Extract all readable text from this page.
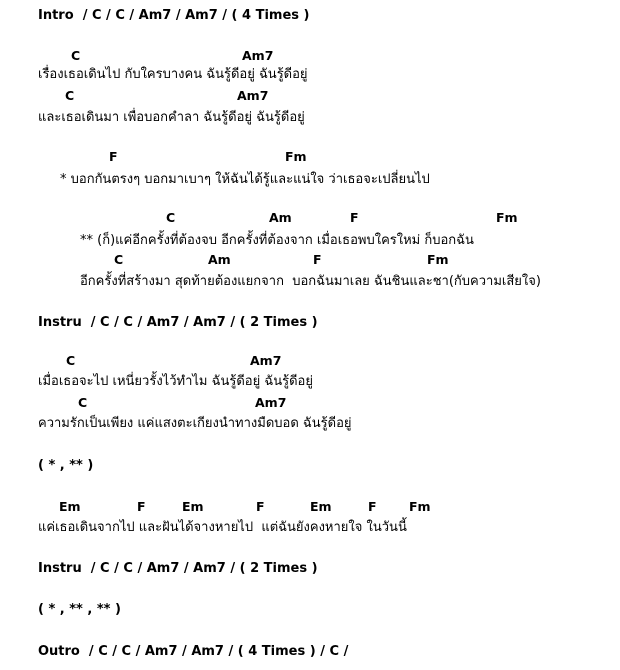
Intro  / C / C / Am7 / Am7 / ( 4 Times )
C	Am7
เรื่องเธอเดินไป กับใครบางคน ฉันรู้ดีอยู่ ฉันรู้ดีอยู่
C	Am7
และเธอเดินมา เพื่อบอกคำลา ฉันรู้ดีอยู่ ฉันรู้ดีอยู่
F	Fm
* บอกกันตรงๆ บอกมาเบาๆ ให้ฉันได้รู้และแน่ใจ ว่าเธอจะเปลี่ยนไป
C	Am	F	Fm
** (ก็)แค่อีกครั้งที่ต้องจบ อีกครั้งที่ต้องจาก เมื่อเธอพบใครใหม่ ก็บอกฉัน
C	Am	F	Fm
อีกครั้งที่สร้างมา สุดท้ายต้องแยกจาก  บอกฉันมาเลย ฉันชินและชา(กับความเสียใจ)
Instru  / C / C / Am7 / Am7 / ( 2 Times )
C	Am7
เมื่อเธอจะไป เหนี่ยวรั้งไว้ทำไม ฉันรู้ดีอยู่ ฉันรู้ดีอยู่
C	Am7
ความรักเป็นเพียง แค่แสงตะเกียงนำทางมืดบอด ฉันรู้ดีอยู่
( * , ** )
Em	F	Em	F	Em	F	Fm
แค่เธอเดินจากไป และฝันได้จางหายไป  แต่ฉันยังคงหายใจ ในวันนี้
Instru  / C / C / Am7 / Am7 / ( 2 Times )
( * , ** , ** )
Outro  / C / C / Am7 / Am7 / ( 4 Times ) / C /
